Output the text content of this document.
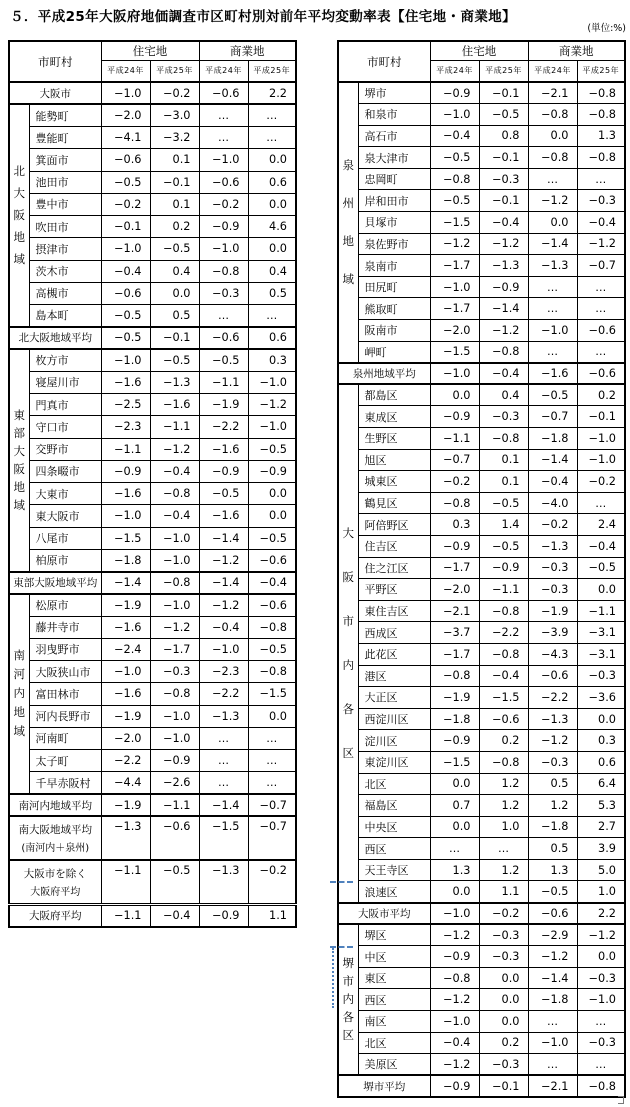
５．平成25年大阪府地価調査市区町村別対前年平均変動率表【住宅地・商業地】
(単位:%)
市町村		住宅地		商業地	
		平成24年	平成25年	平成24年	平成25年

大阪市		−1.0	−0.2	−0.6	2.2

北
大
阪
地
域	能勢町	−2.0	−3.0	…	…
	豊能町	−4.1	−3.2	…	…
	箕面市	−0.6	0.1	−1.0	0.0
	池田市	−0.5	−0.1	−0.6	0.6
	豊中市	−0.2	0.1	−0.2	0.0
	吹田市	−0.1	0.2	−0.9	4.6
	摂津市	−1.0	−0.5	−1.0	0.0
	茨木市	−0.4	0.4	−0.8	0.4
	高槻市	−0.6	0.0	−0.3	0.5
	島本町	−0.5	0.5	…	…

北大阪地域平均		−0.5	−0.1	−0.6	0.6

東
部
大
阪
地
域
	枚方市	−1.0	−0.5	−0.5	0.3
	寝屋川市	−1.6	−1.3	−1.1	−1.0
	門真市	−2.5	−1.6	−1.9	−1.2
	守口市	−2.3	−1.1	−2.2	−1.0
	交野市	−1.1	−1.2	−1.6	−0.5
	四条畷市	−0.9	−0.4	−0.9	−0.9
	大東市	−1.6	−0.8	−0.5	0.0
	東大阪市	−1.0	−0.4	−1.6	0.0
	八尾市	−1.5	−1.0	−1.4	−0.5
	柏原市	−1.8	−1.0	−1.2	−0.6

東部大阪地域平均		−1.4	−0.8	−1.4	−0.4

南
河
内
地
域	松原市	−1.9	−1.0	−1.2	−0.6
	藤井寺市	−1.6	−1.2	−0.4	−0.8
	羽曳野市	−2.4	−1.7	−1.0	−0.5
	大阪狭山市	−1.0	−0.3	−2.3	−0.8
	富田林市	−1.6	−0.8	−2.2	−1.5
	河内長野市	−1.9	−1.0	−1.3	0.0
	河南町	−2.0	−1.0	…	…
	太子町	−2.2	−0.9	…	…
	千早赤阪村	−4.4	−2.6	…	…

南河内地域平均		−1.9	−1.1	−1.4	−0.7

南大阪地域平均
(南河内＋泉州)		−1.3	−0.6	−1.5	−0.7

大阪市を除く
大阪府平均		−1.1	−0.5	−1.3	−0.2

大阪府平均		−1.1	−0.4	−0.9	1.1
市町村		住宅地		商業地	
		平成24年	平成25年	平成24年	平成25年

泉
州
地
域	堺市	−0.9	−0.1	−2.1	−0.8
	和泉市	−1.0	−0.5	−0.8	−0.8
	高石市	−0.4	0.8	0.0	1.3
	泉大津市	−0.5	−0.1	−0.8	−0.8
	忠岡町	−0.8	−0.3	…	…
	岸和田市	−0.5	−0.1	−1.2	−0.3
	貝塚市	−1.5	−0.4	0.0	−0.4
	泉佐野市	−1.2	−1.2	−1.4	−1.2
	泉南市	−1.7	−1.3	−1.3	−0.7
	田尻町	−1.0	−0.9	…	…
	熊取町	−1.7	−1.4	…	…
	阪南市	−2.0	−1.2	−1.0	−0.6
	岬町	−1.5	−0.8	…	…

泉州地域平均		−1.0	−0.4	−1.6	−0.6

大
阪
市
内
各
区
	都島区	0.0	0.4	−0.5	0.2
	東成区	−0.9	−0.3	−0.7	−0.1
	生野区	−1.1	−0.8	−1.8	−1.0
	旭区	−0.7	0.1	−1.4	−1.0
	城東区	−0.2	0.1	−0.4	−0.2
	鶴見区	−0.8	−0.5	−4.0	…
	阿倍野区	0.3	1.4	−0.2	2.4
	住吉区	−0.9	−0.5	−1.3	−0.4
	住之江区	−1.7	−0.9	−0.3	−0.5
	平野区	−2.0	−1.1	−0.3	0.0
	東住吉区	−2.1	−0.8	−1.9	−1.1
	西成区	−3.7	−2.2	−3.9	−3.1
	此花区	−1.7	−0.8	−4.3	−3.1
	港区	−0.8	−0.4	−0.6	−0.3
	大正区	−1.9	−1.5	−2.2	−3.6
	西淀川区	−1.8	−0.6	−1.3	0.0
	淀川区	−0.9	0.2	−1.2	0.3
	東淀川区	−1.5	−0.8	−0.3	0.6
	北区	0.0	1.2	0.5	6.4
	福島区	0.7	1.2	1.2	5.3
	中央区	0.0	1.0	−1.8	2.7
	西区	…	…	0.5	3.9
	天王寺区	1.3	1.2	1.3	5.0
	浪速区	0.0	1.1	−0.5	1.0

大阪市平均		−1.0	−0.2	−0.6	2.2

堺
市
内
各
区	堺区	−1.2	−0.3	−2.9	−1.2
	中区	−0.9	−0.3	−1.2	0.0
	東区	−0.8	0.0	−1.4	−0.3
	西区	−1.2	0.0	−1.8	−1.0
	南区	−1.0	0.0	…	…
	北区	−0.4	0.2	−1.0	−0.3
	美原区	−1.2	−0.3	…	…

堺市平均		−0.9	−0.1	−2.1	−0.8
